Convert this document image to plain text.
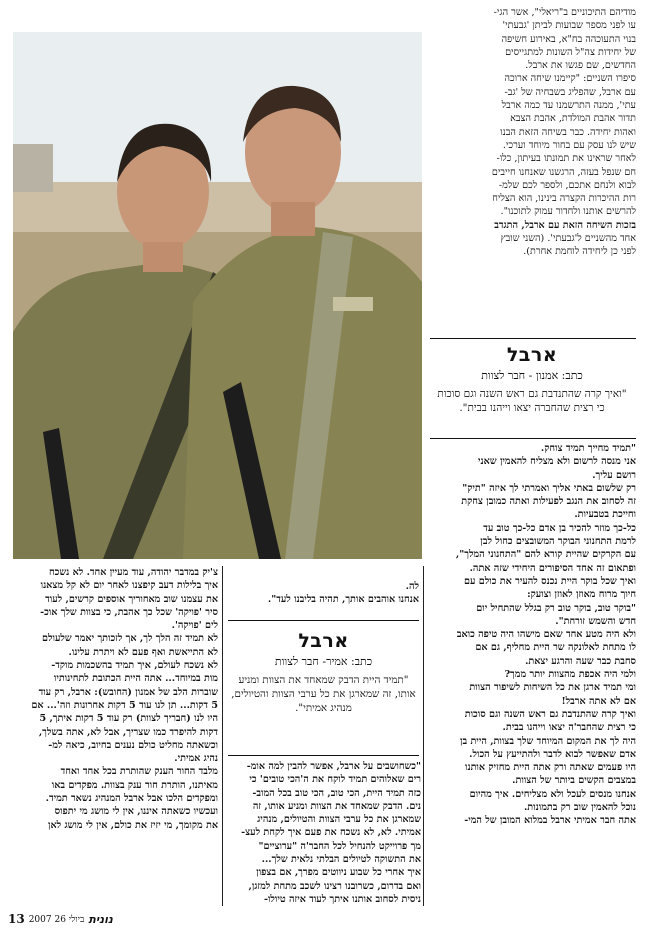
מודיהם התיכוניים ב"ריאלי", אשר הגי-

עו לפני מספר שבועות לביתן 'גבעתי'

בנוי התעוכהה בח"א, באירוע חשיפה

של יחידות צה"ל השונות למתגייסים

החדשים, שם פגשו את ארבל.

סיפרו השניים: "קיימנו שיחה ארוכה

עם ארבל, שהפליג בשבחיה של 'גב-

עתי', ממנה התרשמנו עד כמה ארבל

תדור אהבת המולדת, אהבת הצבא

ואהות יחידה. כבר בשיחה הזאת הבנו

שיש לנו עסק עם בחור מיוחד וערכי.

לאחר שראינו את תמונתו בעיתון, כלו-

חם שנפל בעזה, הרגשנו שאנחנו חייבים

לבוא ולנחם אתכם, ולספר לכם שלמ-

רות ההיכרות הקצרה בינינו, הוא הצליח

להרשים אותנו ולחדור עמוק לתוכנו".

בזכות השיחה הזאת עם ארבל, התגדב

אחד מהשניים ל'גבעתי'. (השני שובץ

לפני כן ליחידה לוחמת אחרת).

ארבל
כתב: אמנון - חבר לצוות
"ואיך קרה שהתנדבת גם ראש השנה וגם סוכות כי רצית שהחברה יצאו וייהנו בבית".

"תמיד מחייך תמיד צוחק.

אני מנסה לרשום ולא מצליח להאמין שאני

רושם עליך.

רק שלשום באתי אליך ואמרתי לך איזה "תיק"

זה לסחוב את הנגב לפעילות ואתה כמובן צחקת

וחייכת בטבעיות.

כל-כך מוזר להכיר בן אדם כל-כך טוב עד

לרמת התחנוני הבוקר המשובצים כחול לבן

עם הקרקים שהיית קורא להם "התחנוני המלך",

ופתאום זה אחד הסיפורים היחידי שזה אתה.

ואיך שכל בוקר היית נכנס להעיר את כולם עם

חיוך מרוח מאוזן לאוזן וצועק:

"בוקר טוב, בוקר טוב רק בגלל שהתחיל יום

חדש והשמש זורחת".

ולא היה מטע אחד שאם מישהו היה טיפה כואב

לו מתחת לאלונקה שר היית מחליף, גם אם

סחבת כבר שעה והרגע יצאת.

ולמי היה אכפת מהצוות יותר ממך?

ומי תמיד ארגן את כל השיחות לשיפור הצוות

אם לא אתה ארבל!

ואיך קרה שהתנדבת גם ראש השנה וגם סוכות

כי רצית שהחבר'ה יצאו וייהנו בבית.

היה לך את המקום המיוחד שלך בצוות, היית בן

אדם שאפשר לבוא לדבר ולהתייעץ על הכול.

היו פעמים שאתה ורק אתה היית מחזיק אותנו

במצבים הקשים ביותר של הצוות.

אנחנו מנסים לעכל ולא מצליחים. איך מהיום

נוכל להאמין שוב רק בתמונות.

אתה חבר אמיתי ארבל במלוא המובן של המי-

לה.

אנחנו אוהבים אותך, תהיה בליבנו לעד".

ארבל
כתב: אמיר- חבר לצוות
"תמיד היית הדבק שמאחד את הצוות ומניע אותו, זה שמארגן את כל ערבי הצוות והטיולים, מנהיג אמיתי".

"כשחושבים על ארבל, אפשר להבין למה אומ-

רים שאלוהים תמיד לוקח את ה'הכי טובים' כי

כזה תמיד היית, הכי טוב, הכי טוב בכל המוב-

נים. הדבק שמאחד את הצוות ומניע אותו, זה

שמארגן את כל ערבי הצוות והטיולים, מנהיג

אמיתי. לא, לא נשכח את פעם איך לקחת לעצ-

מך פרוייקט להנחיל לכל החבר'ה "ערוציים"

את התשוקה לטיולים הבלתי נלאית שלך...

איך אחרי כל שבוע ניווטים מפרך, אם בצפון

ואם בדרום, כשרובנו רצינו לשכב מתחת למזגן,

ניסית לסחוב אותנו איתך לעוד איזה טיולו-

צ'יק במדבר יהודה, עוד מעיין אחד. לא נשכח

איך בלילות דעב קיפצנו לאחר יום לא קל מצאנו

את עצמנו שוב מאחוריך אוספים קרשים, לעוד

סיר 'פויקה' שכל כך אהבת, כי בצוות שלך אוכ-

לים 'פויקה'.

לא תמיד זה הלך לך, אך לזכותך יאמר שלעולם

לא התייאשת ואף פעם לא ויתרת עלינו.

לא נשכח לעולם, איך תמיד בהשכמות מוקד-

מות במיוחד... אתה היית הכתובת לתחינותיו

שוברות הלב של אמנון (החובש): ארבל, רק עוד

5 דקות... תן לנו עוד 5 דקות אחרונות וזה'... אם

היו לנו (חבריך לצוות) רק עוד 5 דקות איתך, 5

דקות להיפרד כמו שצריך, אבל לא, אתה בשלך,

וכשאתה מחליט כולם נענים בחיוב, כיאה למ-

נהיג אמיתי.

מלבד החור הענק שהותרת בכל אחד ואחד

מאיתנו, הותרת חור ענק בצוות. מפקדים באו

ומפקדים הלכו אבל ארבל המנהיג נשאר תמיד.

ועכשיו כשאתה איננו, אין לי מושג מי יתפוס

את מקומך, מי יזיז את כולם, אין לי מושג לאן

13 2007 ביולי 26 נונית
